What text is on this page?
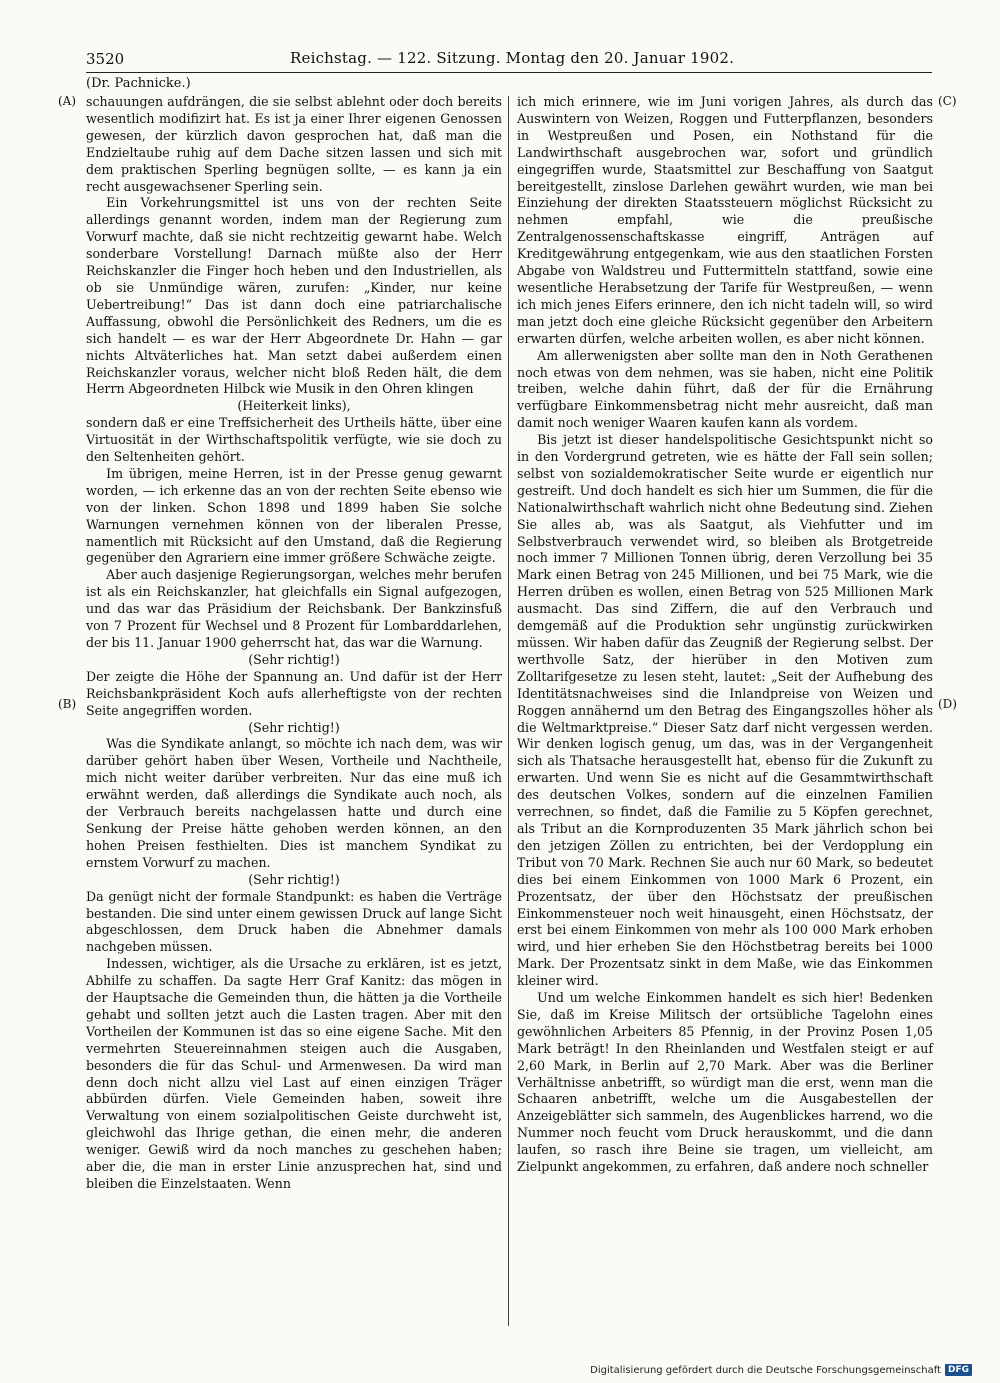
3520	Reichstag. — 122. Sitzung. Montag den 20. Januar 1902.
(Dr. Pachnicke.)

schauungen aufdrängen, die sie selbst ablehnt oder doch bereits wesentlich modifizirt hat. Es ist ja einer Ihrer eigenen Genossen gewesen, der kürzlich davon gesprochen hat, daß man die Endzieltaube ruhig auf dem Dache sitzen lassen und sich mit dem praktischen Sperling begnügen sollte, — es kann ja ein recht ausgewachsener Sperling sein.

Ein Vorkehrungsmittel ist uns von der rechten Seite allerdings genannt worden, indem man der Regierung zum Vorwurf machte, daß sie nicht rechtzeitig gewarnt habe. Welch sonderbare Vorstellung! Darnach müßte also der Herr Reichskanzler die Finger hoch heben und den Industriellen, als ob sie Unmündige wären, zurufen: „Kinder, nur keine Uebertreibung!“ Das ist dann doch eine patriarchalische Auffassung, obwohl die Persönlichkeit des Redners, um die es sich handelt — es war der Herr Abgeordnete Dr. Hahn — gar nichts Altväterliches hat. Man setzt dabei außerdem einen Reichskanzler voraus, welcher nicht bloß Reden hält, die dem Herrn Abgeordneten Hilbck wie Musik in den Ohren klingen

(Heiterkeit links),

sondern daß er eine Treffsicherheit des Urtheils hätte, über eine Virtuosität in der Wirthschaftspolitik verfügte, wie sie doch zu den Seltenheiten gehört.

Im übrigen, meine Herren, ist in der Presse genug gewarnt worden, — ich erkenne das an von der rechten Seite ebenso wie von der linken. Schon 1898 und 1899 haben Sie solche Warnungen vernehmen können von der liberalen Presse, namentlich mit Rücksicht auf den Umstand, daß die Regierung gegenüber den Agrariern eine immer größere Schwäche zeigte.

Aber auch dasjenige Regierungsorgan, welches mehr berufen ist als ein Reichskanzler, hat gleichfalls ein Signal aufgezogen, und das war das Präsidium der Reichsbank. Der Bankzinsfuß von 7 Prozent für Wechsel und 8 Prozent für Lombarddarlehen, der bis 11. Januar 1900 geherrscht hat, das war die Warnung.

(Sehr richtig!)

Der zeigte die Höhe der Spannung an. Und dafür ist der Herr Reichsbankpräsident Koch aufs allerheftigste von der rechten Seite angegriffen worden.

(Sehr richtig!)

Was die Syndikate anlangt, so möchte ich nach dem, was wir darüber gehört haben über Wesen, Vortheile und Nachtheile, mich nicht weiter darüber verbreiten. Nur das eine muß ich erwähnt werden, daß allerdings die Syndikate auch noch, als der Verbrauch bereits nachgelassen hatte und durch eine Senkung der Preise hätte gehoben werden können, an den hohen Preisen festhielten. Dies ist manchem Syndikat zu ernstem Vorwurf zu machen.

(Sehr richtig!)

Da genügt nicht der formale Standpunkt: es haben die Verträge bestanden. Die sind unter einem gewissen Druck auf lange Sicht abgeschlossen, dem Druck haben die Abnehmer damals nachgeben müssen.

Indessen, wichtiger, als die Ursache zu erklären, ist es jetzt, Abhilfe zu schaffen. Da sagte Herr Graf Kanitz: das mögen in der Hauptsache die Gemeinden thun, die hätten ja die Vortheile gehabt und sollten jetzt auch die Lasten tragen. Aber mit den Vortheilen der Kommunen ist das so eine eigene Sache. Mit den vermehrten Steuereinnahmen steigen auch die Ausgaben, besonders die für das Schul- und Armenwesen. Da wird man denn doch nicht allzu viel Last auf einen einzigen Träger abbürden dürfen. Viele Gemeinden haben, soweit ihre Verwaltung von einem sozialpolitischen Geiste durchweht ist, gleichwohl das Ihrige gethan, die einen mehr, die anderen weniger. Gewiß wird da noch manches zu geschehen haben; aber die, die man in erster Linie anzusprechen hat, sind und bleiben die Einzelstaaten. Wenn

ich mich erinnere, wie im Juni vorigen Jahres, als durch das Auswintern von Weizen, Roggen und Futterpflanzen, besonders in Westpreußen und Posen, ein Nothstand für die Landwirthschaft ausgebrochen war, sofort und gründlich eingegriffen wurde, Staatsmittel zur Beschaffung von Saatgut bereitgestellt, zinslose Darlehen gewährt wurden, wie man bei Einziehung der direkten Staatssteuern möglichst Rücksicht zu nehmen empfahl, wie die preußische Zentralgenossenschaftskasse eingriff, Anträgen auf Kreditgewährung entgegenkam, wie aus den staatlichen Forsten Abgabe von Waldstreu und Futtermitteln stattfand, sowie eine wesentliche Herabsetzung der Tarife für Westpreußen, — wenn ich mich jenes Eifers erinnere, den ich nicht tadeln will, so wird man jetzt doch eine gleiche Rücksicht gegenüber den Arbeitern erwarten dürfen, welche arbeiten wollen, es aber nicht können.

Am allerwenigsten aber sollte man den in Noth Gerathenen noch etwas von dem nehmen, was sie haben, nicht eine Politik treiben, welche dahin führt, daß der für die Ernährung verfügbare Einkommensbetrag nicht mehr ausreicht, daß man damit noch weniger Waaren kaufen kann als vordem.

Bis jetzt ist dieser handelspolitische Gesichtspunkt nicht so in den Vordergrund getreten, wie es hätte der Fall sein sollen; selbst von sozialdemokratischer Seite wurde er eigentlich nur gestreift. Und doch handelt es sich hier um Summen, die für die Nationalwirthschaft wahrlich nicht ohne Bedeutung sind. Ziehen Sie alles ab, was als Saatgut, als Viehfutter und im Selbstverbrauch verwendet wird, so bleiben als Brotgetreide noch immer 7 Millionen Tonnen übrig, deren Verzollung bei 35 Mark einen Betrag von 245 Millionen, und bei 75 Mark, wie die Herren drüben es wollen, einen Betrag von 525 Millionen Mark ausmacht. Das sind Ziffern, die auf den Verbrauch und demgemäß auf die Produktion sehr ungünstig zurückwirken müssen. Wir haben dafür das Zeugniß der Regierung selbst. Der werthvolle Satz, der hierüber in den Motiven zum Zolltarifgesetze zu lesen steht, lautet: „Seit der Aufhebung des Identitätsnachweises sind die Inlandpreise von Weizen und Roggen annähernd um den Betrag des Eingangszolles höher als die Weltmarktpreise.“ Dieser Satz darf nicht vergessen werden. Wir denken logisch genug, um das, was in der Vergangenheit sich als Thatsache herausgestellt hat, ebenso für die Zukunft zu erwarten. Und wenn Sie es nicht auf die Gesammtwirthschaft des deutschen Volkes, sondern auf die einzelnen Familien verrechnen, so findet, daß die Familie zu 5 Köpfen gerechnet, als Tribut an die Kornproduzenten 35 Mark jährlich schon bei den jetzigen Zöllen zu entrichten, bei der Verdopplung ein Tribut von 70 Mark. Rechnen Sie auch nur 60 Mark, so bedeutet dies bei einem Einkommen von 1000 Mark 6 Prozent, ein Prozentsatz, der über den Höchstsatz der preußischen Einkommensteuer noch weit hinausgeht, einen Höchstsatz, der erst bei einem Einkommen von mehr als 100 000 Mark erhoben wird, und hier erheben Sie den Höchstbetrag bereits bei 1000 Mark. Der Prozentsatz sinkt in dem Maße, wie das Einkommen kleiner wird.

Und um welche Einkommen handelt es sich hier! Bedenken Sie, daß im Kreise Militsch der ortsübliche Tagelohn eines gewöhnlichen Arbeiters 85 Pfennig, in der Provinz Posen 1,05 Mark beträgt! In den Rheinlanden und Westfalen steigt er auf 2,60 Mark, in Berlin auf 2,70 Mark. Aber was die Berliner Verhältnisse anbetrifft, so würdigt man die erst, wenn man die Schaaren anbetrifft, welche um die Ausgabestellen der Anzeigeblätter sich sammeln, des Augenblickes harrend, wo die Nummer noch feucht vom Druck herauskommt, und die dann laufen, so rasch ihre Beine sie tragen, um vielleicht, am Zielpunkt angekommen, zu erfahren, daß andere noch schneller

(A)
(B)
(C)
(D)
Digitalisierung gefördert durch die Deutsche Forschungsgemeinschaft DFG
